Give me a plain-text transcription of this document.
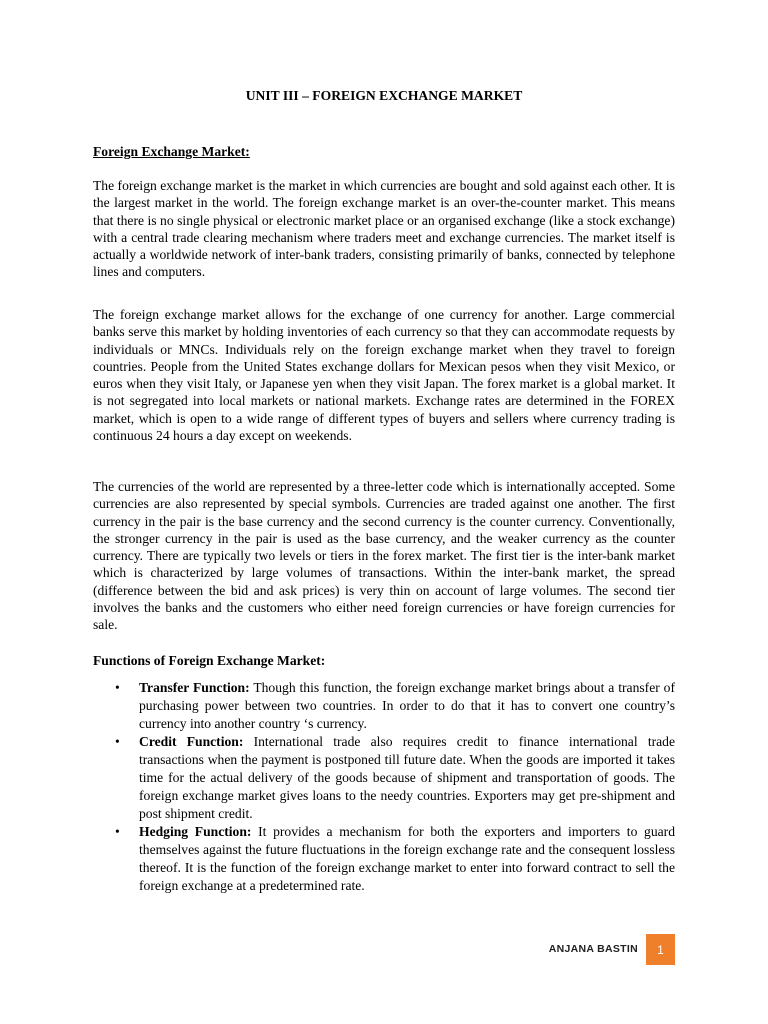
UNIT III – FOREIGN EXCHANGE MARKET
Foreign Exchange Market:

The foreign exchange market is the market in which currencies are bought and sold against each other. It is the largest market in the world. The foreign exchange market is an over-the-counter market. This means that there is no single physical or electronic market place or an organised exchange (like a stock exchange) with a central trade clearing mechanism where traders meet and exchange currencies. The market itself is actually a worldwide network of inter-bank traders, consisting primarily of banks, connected by telephone lines and computers.

The foreign exchange market allows for the exchange of one currency for another. Large commercial banks serve this market by holding inventories of each currency so that they can accommodate requests by individuals or MNCs. Individuals rely on the foreign exchange market when they travel to foreign countries. People from the United States exchange dollars for Mexican pesos when they visit Mexico, or euros when they visit Italy, or Japanese yen when they visit Japan. The forex market is a global market. It is not segregated into local markets or national markets. Exchange rates are determined in the FOREX market, which is open to a wide range of different types of buyers and sellers where currency trading is continuous 24 hours a day except on weekends.

The currencies of the world are represented by a three-letter code which is internationally accepted. Some currencies are also represented by special symbols. Currencies are traded against one another. The first currency in the pair is the base currency and the second currency is the counter currency. Conventionally, the stronger currency in the pair is used as the base currency, and the weaker currency as the counter currency. There are typically two levels or tiers in the forex market. The first tier is the inter-bank market which is characterized by large volumes of transactions. Within the inter-bank market, the spread (difference between the bid and ask prices) is very thin on account of large volumes. The second tier involves the banks and the customers who either need foreign currencies or have foreign currencies for sale.

Functions of Foreign Exchange Market:
• Transfer Function: Though this function, the foreign exchange market brings about a transfer of purchasing power between two countries. In order to do that it has to convert one country’s currency into another country ‘s currency.
• Credit Function: International trade also requires credit to finance international trade transactions when the payment is postponed till future date. When the goods are imported it takes time for the actual delivery of the goods because of shipment and transportation of goods. The foreign exchange market gives loans to the needy countries. Exporters may get pre-shipment and post shipment credit.
• Hedging Function: It provides a mechanism for both the exporters and importers to guard themselves against the future fluctuations in the foreign exchange rate and the consequent lossless thereof. It is the function of the foreign exchange market to enter into forward contract to sell the foreign exchange at a predetermined rate.
ANJANA BASTIN	1
